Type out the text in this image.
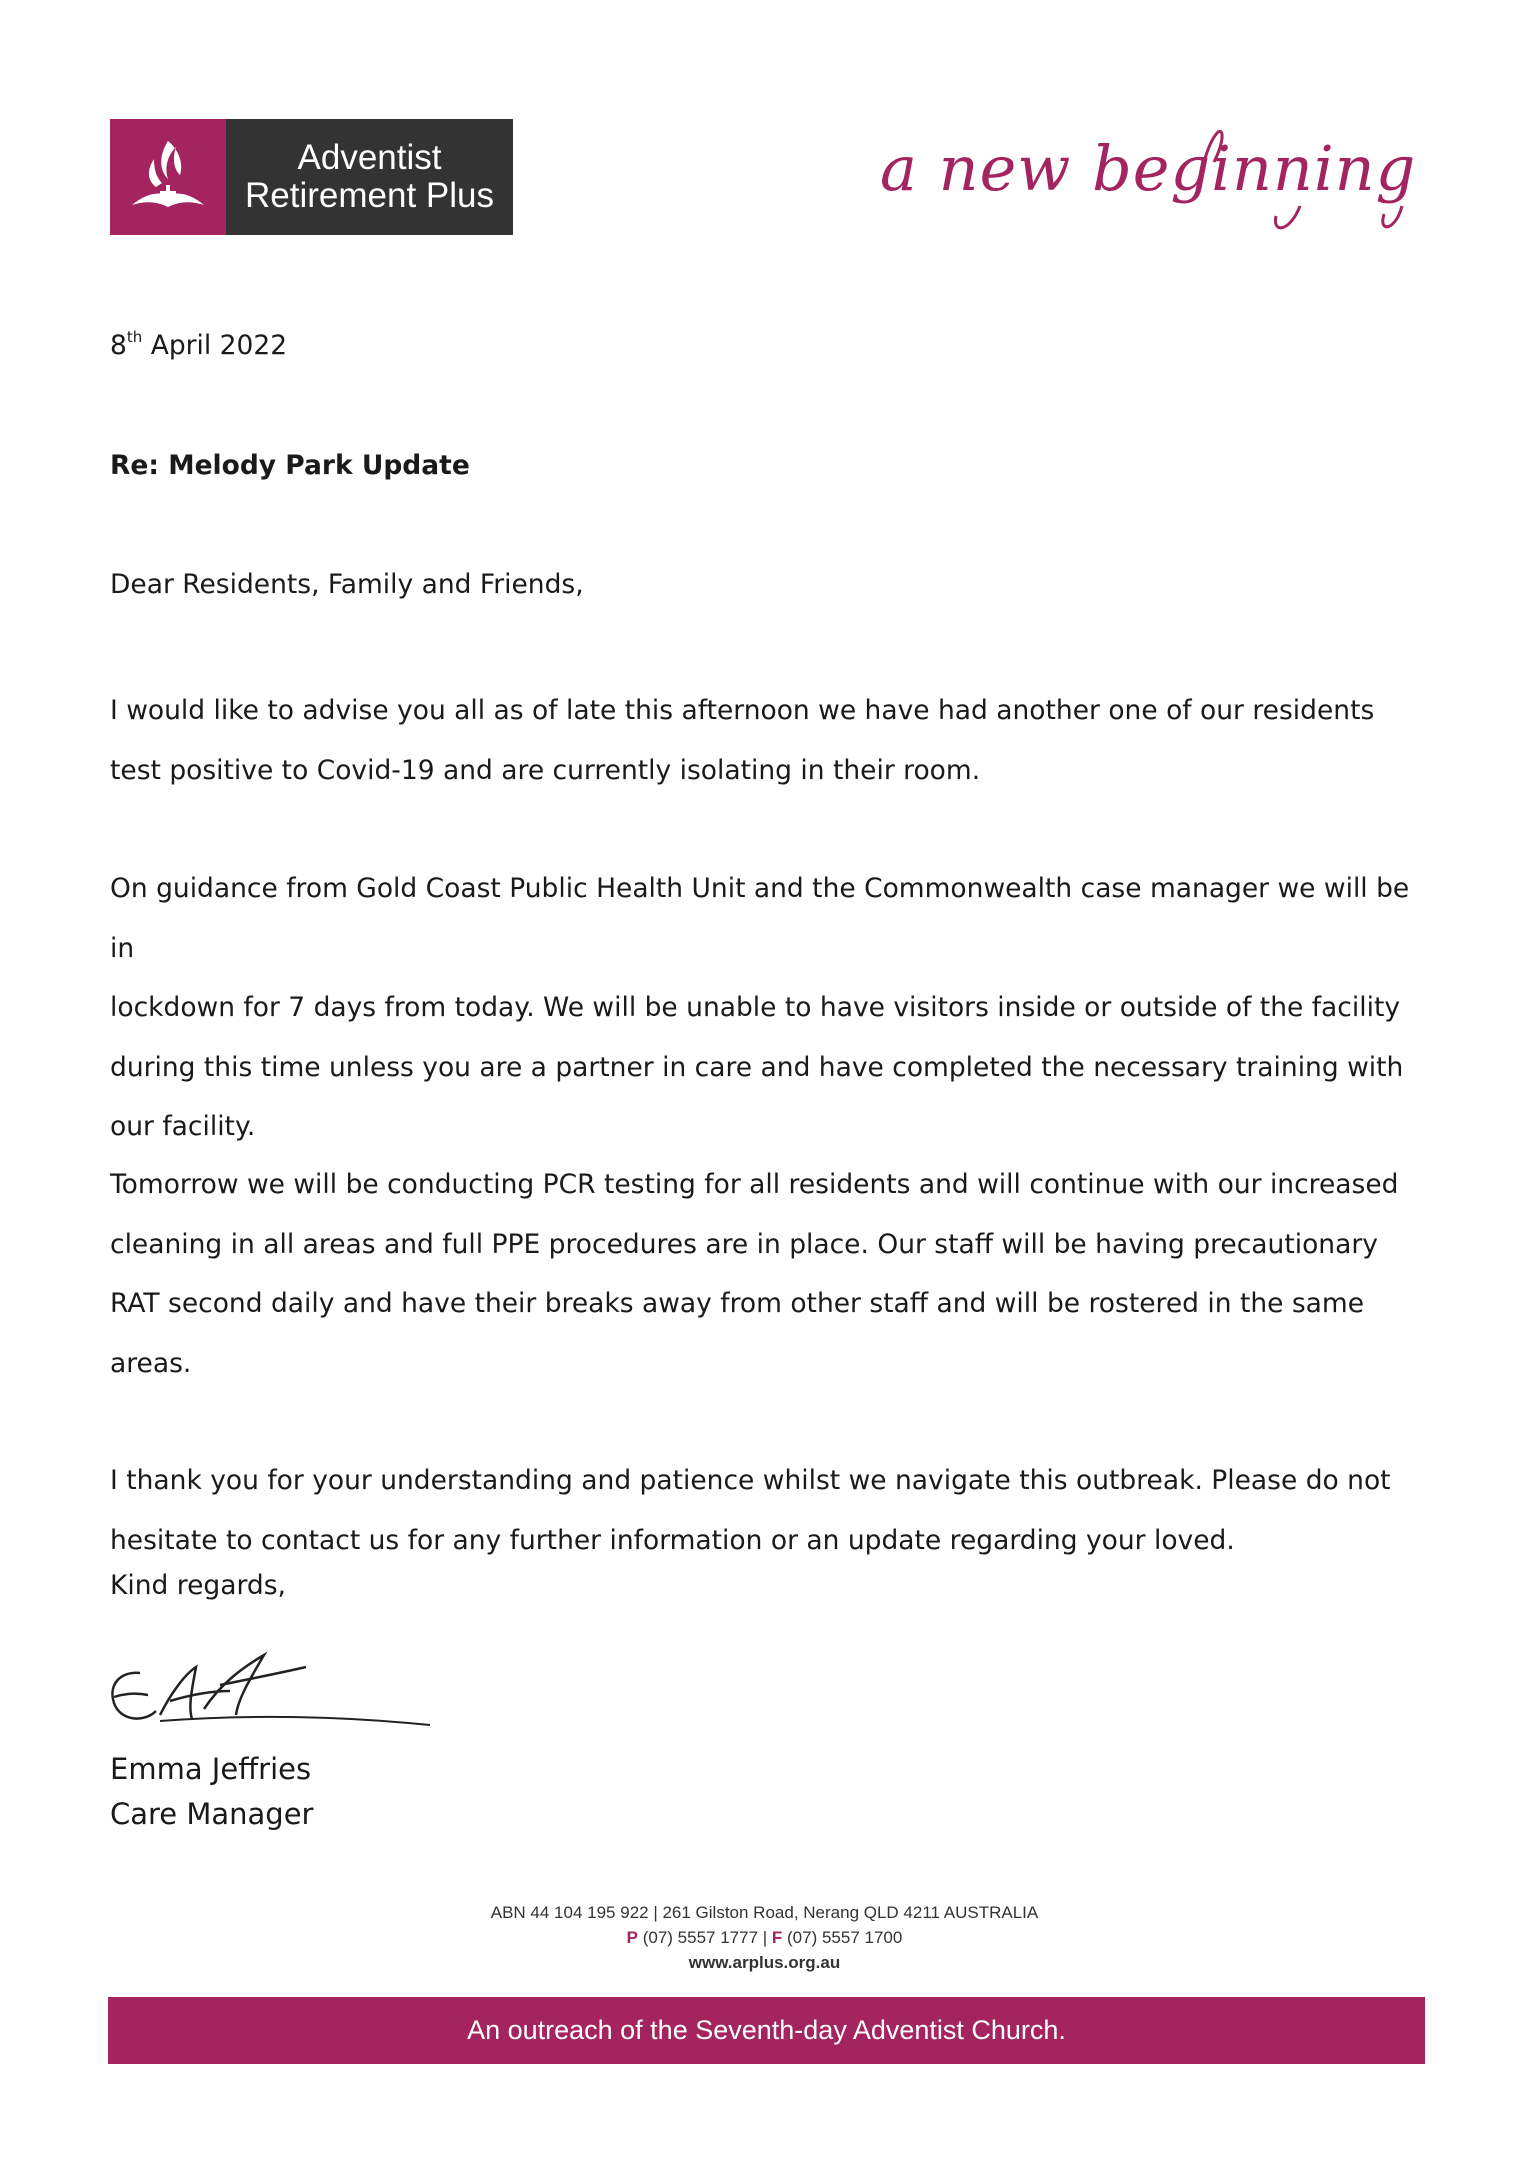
Adventist
Retirement Plus	a new beginning
8th April 2022
Re: Melody Park Update
Dear Residents, Family and Friends,
I would like to advise you all as of late this afternoon we have had another one of our residents
test positive to Covid-19 and are currently isolating in their room.
On guidance from Gold Coast Public Health Unit and the Commonwealth case manager we will be in
lockdown for 7 days from today. We will be unable to have visitors inside or outside of the facility
during this time unless you are a partner in care and have completed the necessary training with
our facility.
Tomorrow we will be conducting PCR testing for all residents and will continue with our increased
cleaning in all areas and full PPE procedures are in place. Our staff will be having precautionary
RAT second daily and have their breaks away from other staff and will be rostered in the same
areas.
I thank you for your understanding and patience whilst we navigate this outbreak. Please do not
hesitate to contact us for any further information or an update regarding your loved.
Kind regards,
Emma Jeffries
Care Manager
ABN 44 104 195 922 | 261 Gilston Road, Nerang QLD 4211 AUSTRALIA
P (07) 5557 1777 | F (07) 5557 1700
www.arplus.org.au
An outreach of the Seventh-day Adventist Church.
